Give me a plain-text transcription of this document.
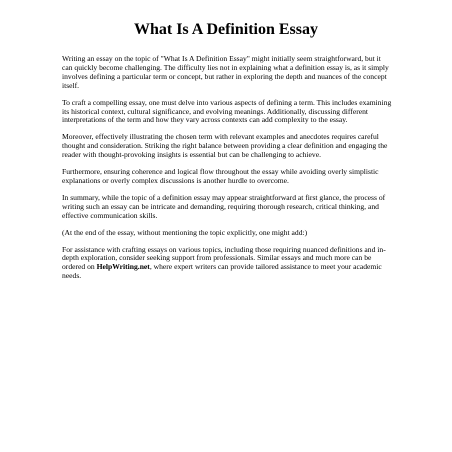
What Is A Definition Essay

Writing an essay on the topic of "What Is A Definition Essay" might initially seem straightforward, but it can quickly become challenging. The difficulty lies not in explaining what a definition essay is, as it simply involves defining a particular term or concept, but rather in exploring the depth and nuances of the concept itself.

To craft a compelling essay, one must delve into various aspects of defining a term. This includes examining its historical context, cultural significance, and evolving meanings. Additionally, discussing different interpretations of the term and how they vary across contexts can add complexity to the essay.

Moreover, effectively illustrating the chosen term with relevant examples and anecdotes requires careful thought and consideration. Striking the right balance between providing a clear definition and engaging the reader with thought-provoking insights is essential but can be challenging to achieve.

Furthermore, ensuring coherence and logical flow throughout the essay while avoiding overly simplistic explanations or overly complex discussions is another hurdle to overcome.

In summary, while the topic of a definition essay may appear straightforward at first glance, the process of writing such an essay can be intricate and demanding, requiring thorough research, critical thinking, and effective communication skills.

(At the end of the essay, without mentioning the topic explicitly, one might add:)

For assistance with crafting essays on various topics, including those requiring nuanced definitions and in-depth exploration, consider seeking support from professionals. Similar essays and much more can be ordered on HelpWriting.net, where expert writers can provide tailored assistance to meet your academic needs.
